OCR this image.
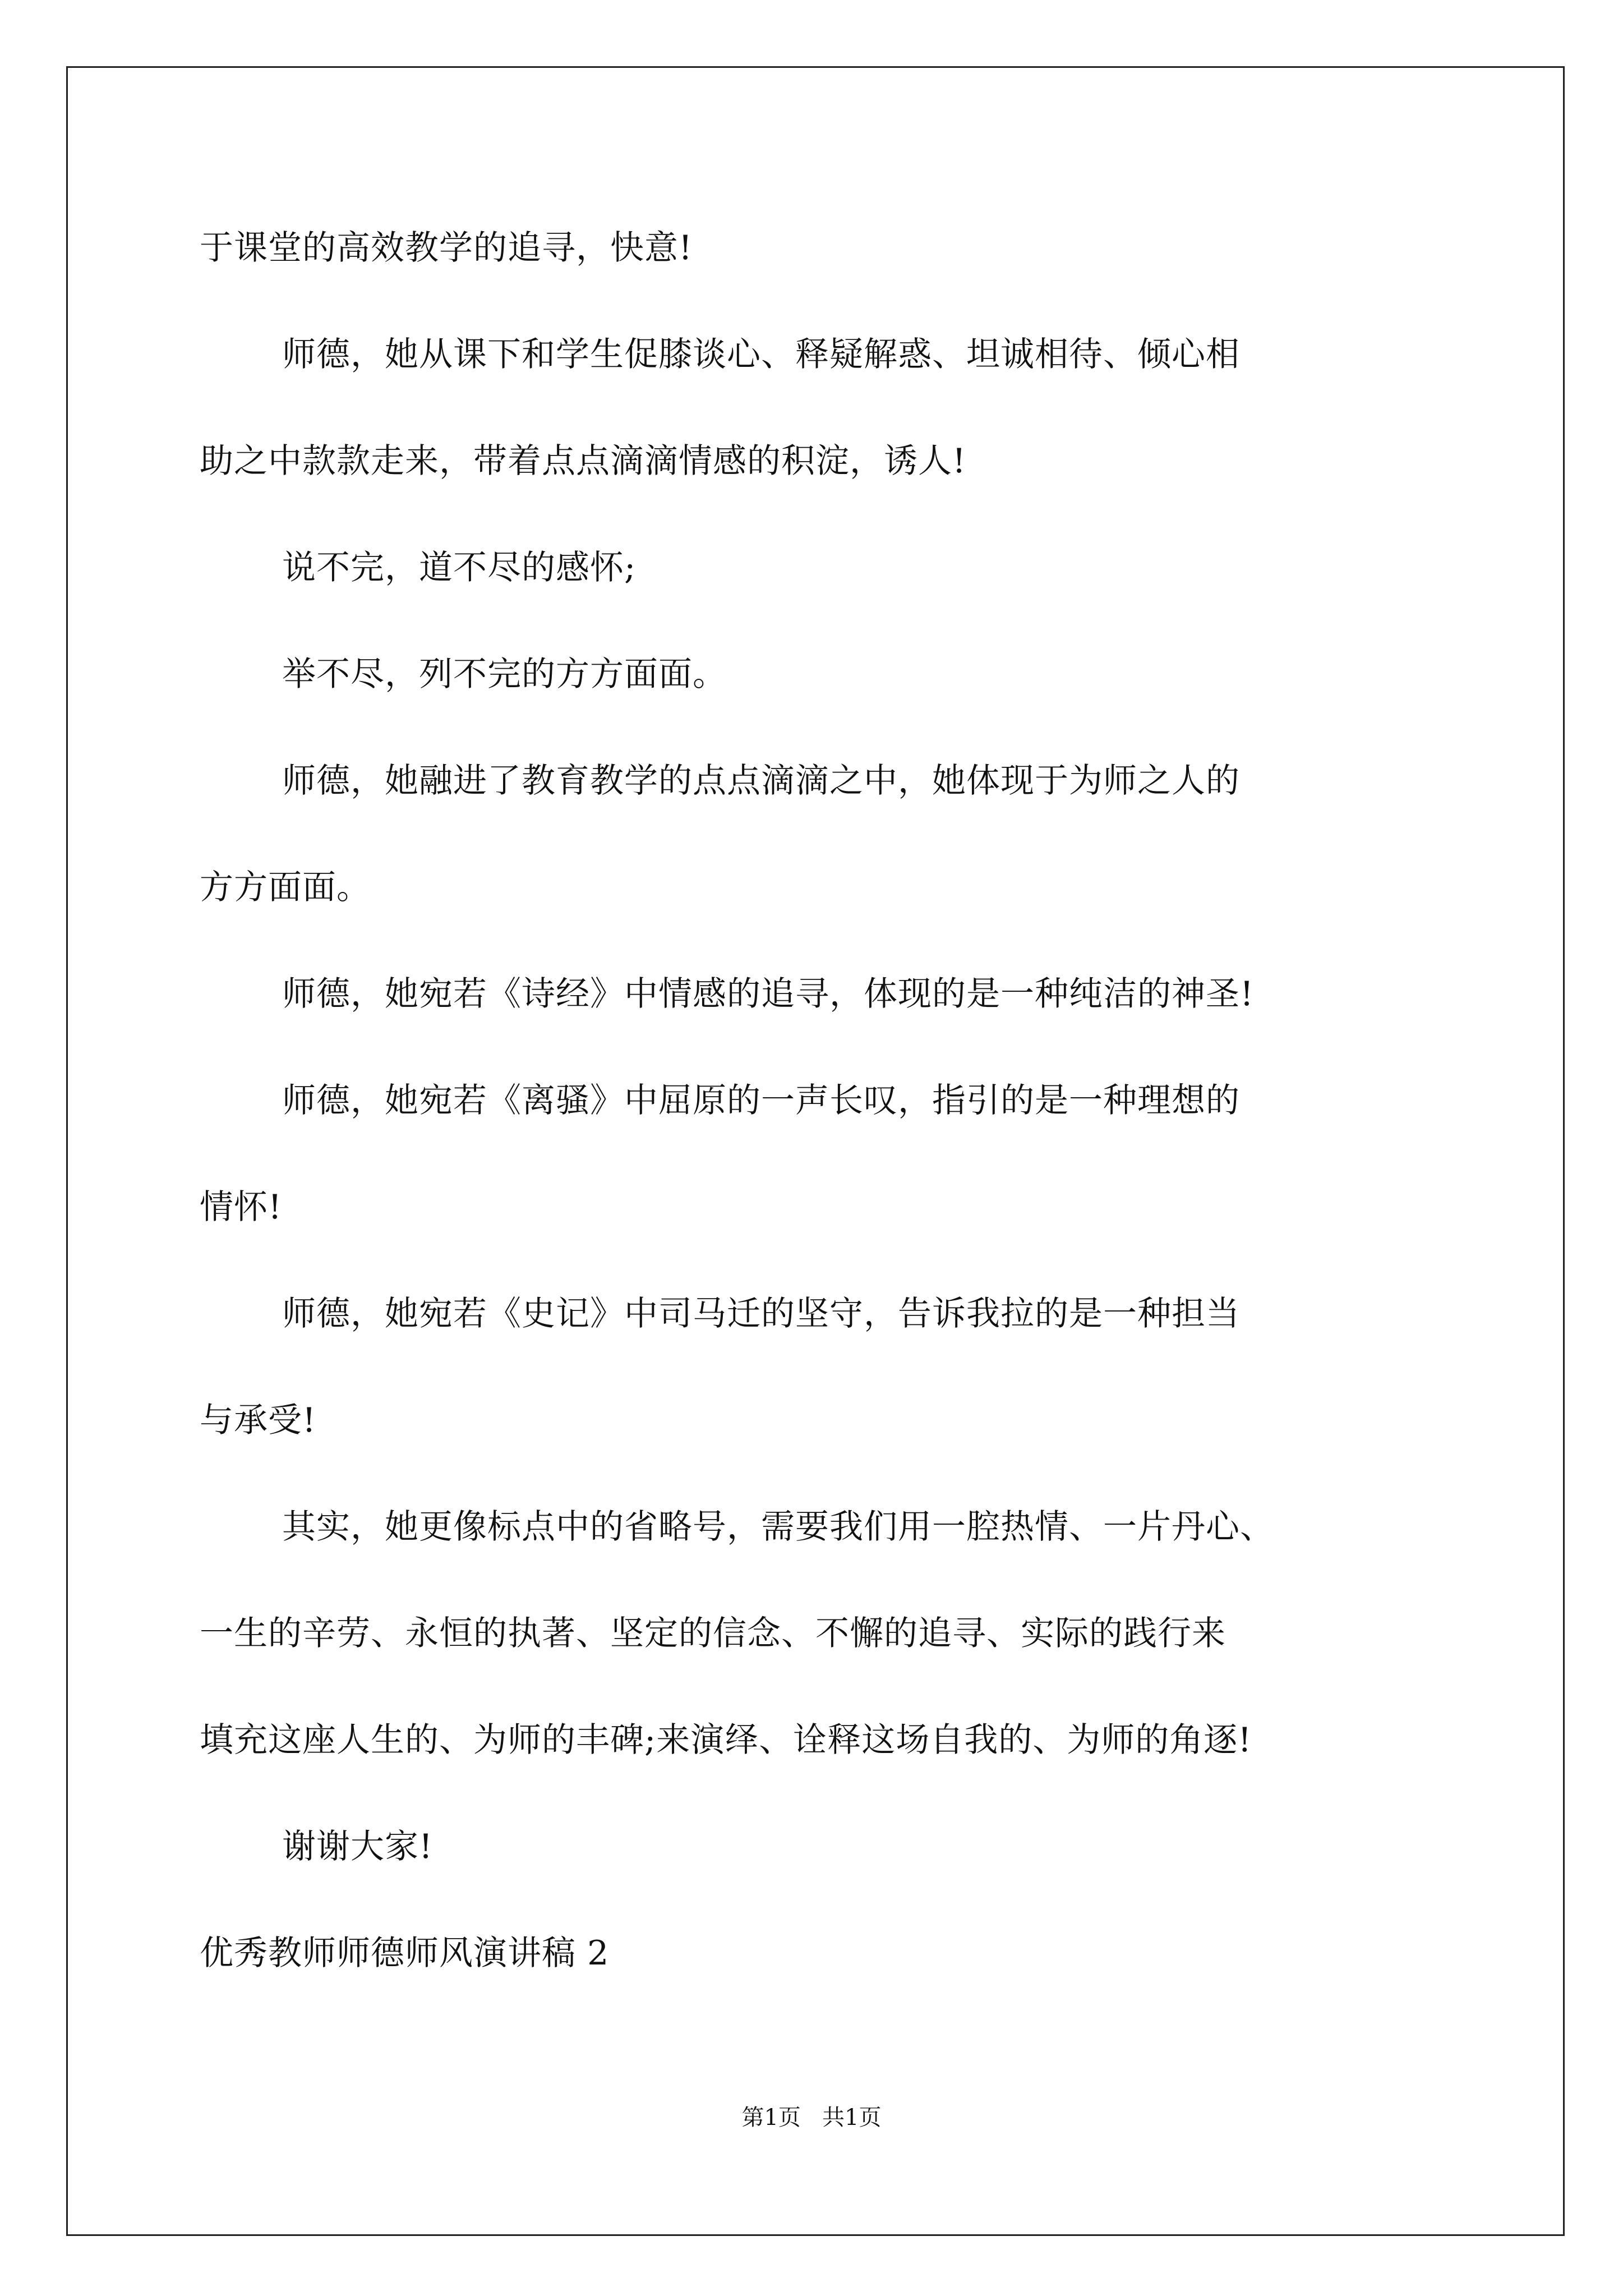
于课堂的高效教学的追寻，快意!
师德，她从课下和学生促膝谈心、释疑解惑、坦诚相待、倾心相
助之中款款走来，带着点点滴滴情感的积淀，诱人!
说不完，道不尽的感怀;
举不尽，列不完的方方面面。
师德，她融进了教育教学的点点滴滴之中，她体现于为师之人的
方方面面。
师德，她宛若《诗经》中情感的追寻，体现的是一种纯洁的神圣!
师德，她宛若《离骚》中屈原的一声长叹，指引的是一种理想的
情怀!
师德，她宛若《史记》中司马迁的坚守，告诉我拉的是一种担当
与承受!
其实，她更像标点中的省略号，需要我们用一腔热情、一片丹心、
一生的辛劳、永恒的执著、坚定的信念、不懈的追寻、实际的践行来
填充这座人生的、为师的丰碑;来演绎、诠释这场自我的、为师的角逐!
谢谢大家!
优秀教师师德师风演讲稿 2
第1页   共1页
